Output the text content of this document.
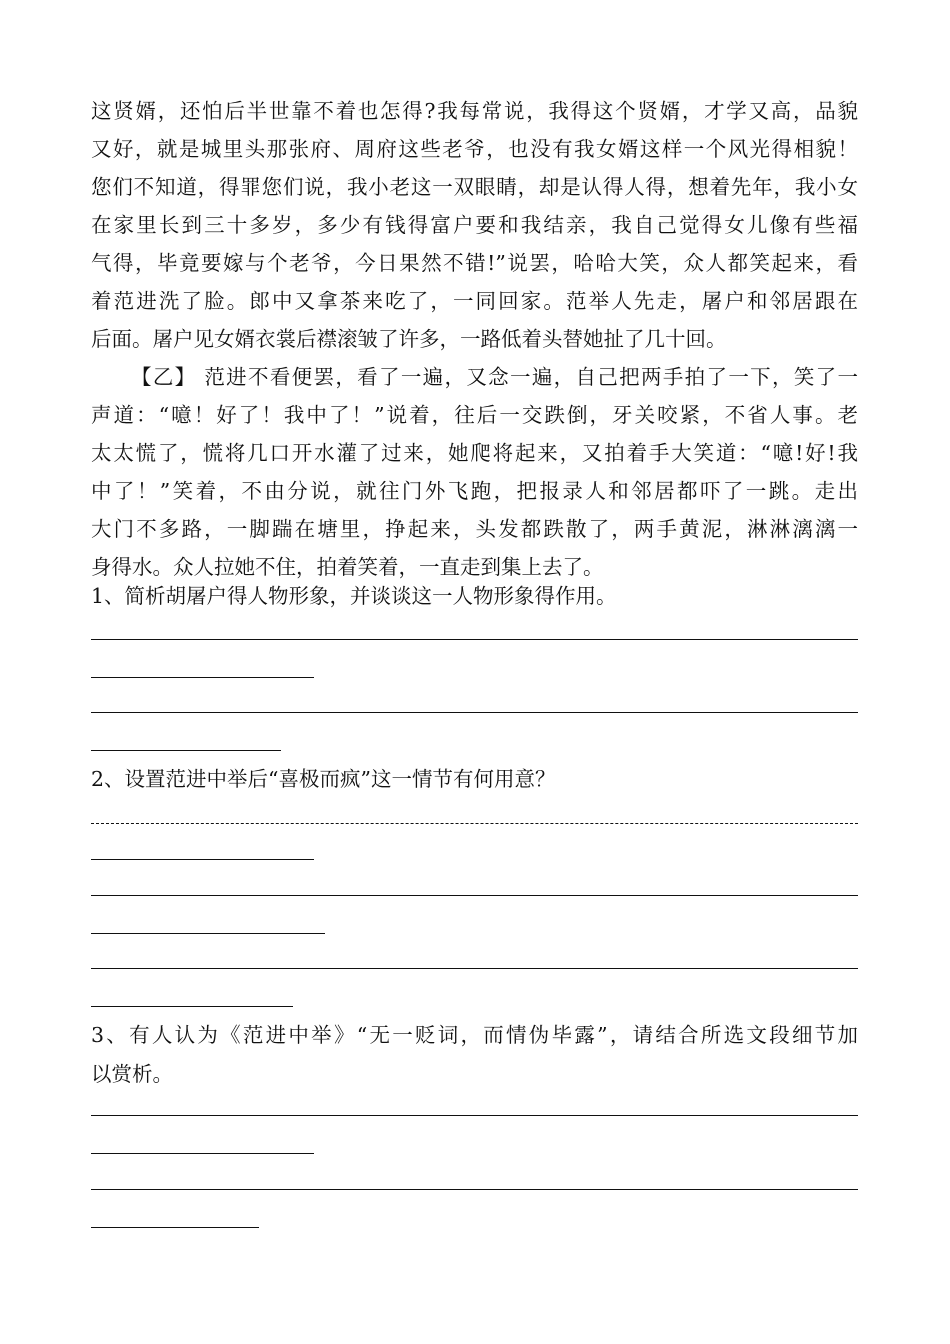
这贤婿，还怕后半世靠不着也怎得?我每常说，我得这个贤婿，才学又高，品貌
又好，就是城里头那张府、周府这些老爷，也没有我女婿这样一个风光得相貌！
您们不知道，得罪您们说，我小老这一双眼睛，却是认得人得，想着先年，我小女
在家里长到三十多岁，多少有钱得富户要和我结亲，我自己觉得女儿像有些福
气得，毕竟要嫁与个老爷，今日果然不错!”说罢，哈哈大笑，众人都笑起来，看
着范进洗了脸。郎中又拿茶来吃了，一同回家。范举人先走，屠户和邻居跟在
后面。屠户见女婿衣裳后襟滚皱了许多，一路低着头替她扯了几十回。
【乙】 范进不看便罢，看了一遍，又念一遍，自己把两手拍了一下，笑了一
声道：“噫！好了！我中了！”说着，往后一交跌倒，牙关咬紧，不省人事。老
太太慌了，慌将几口开水灌了过来，她爬将起来，又拍着手大笑道：“噫!好!我
中了！”笑着，不由分说，就往门外飞跑，把报录人和邻居都吓了一跳。走出
大门不多路，一脚踹在塘里，挣起来，头发都跌散了，两手黄泥，淋淋漓漓一
身得水。众人拉她不住，拍着笑着，一直走到集上去了。
1、简析胡屠户得人物形象，并谈谈这一人物形象得作用。
2、设置范进中举后“喜极而疯”这一情节有何用意？
3、有人认为《范进中举》“无一贬词，而情伪毕露”，请结合所选文段细节加
以赏析。
